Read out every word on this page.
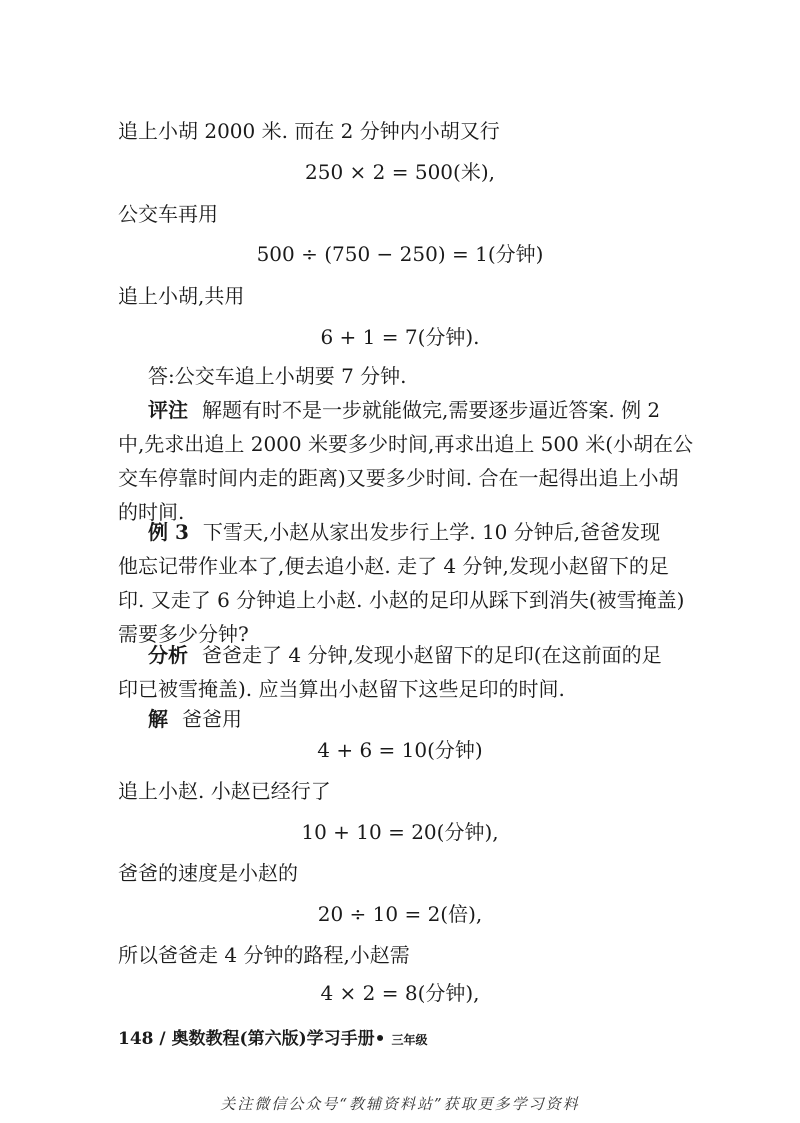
追上小胡 2000 米. 而在 2 分钟内小胡又行
250 × 2 = 500(米),
公交车再用
500 ÷ (750 − 250) = 1(分钟)
追上小胡,共用
6 + 1 = 7(分钟).
答:公交车追上小胡要 7 分钟.
评注 解题有时不是一步就能做完,需要逐步逼近答案. 例 2
中,先求出追上 2000 米要多少时间,再求出追上 500 米(小胡在公
交车停靠时间内走的距离)又要多少时间. 合在一起得出追上小胡
的时间.
例 3 下雪天,小赵从家出发步行上学. 10 分钟后,爸爸发现
他忘记带作业本了,便去追小赵. 走了 4 分钟,发现小赵留下的足
印. 又走了 6 分钟追上小赵. 小赵的足印从踩下到消失(被雪掩盖)
需要多少分钟?
分析 爸爸走了 4 分钟,发现小赵留下的足印(在这前面的足
印已被雪掩盖). 应当算出小赵留下这些足印的时间.
解 爸爸用
4 + 6 = 10(分钟)
追上小赵. 小赵已经行了
10 + 10 = 20(分钟),
爸爸的速度是小赵的
20 ÷ 10 = 2(倍),
所以爸爸走 4 分钟的路程,小赵需
4 × 2 = 8(分钟),
148 / 奥数教程(第六版)学习手册• 三年级
关注微信公众号“教辅资料站”获取更多学习资料
